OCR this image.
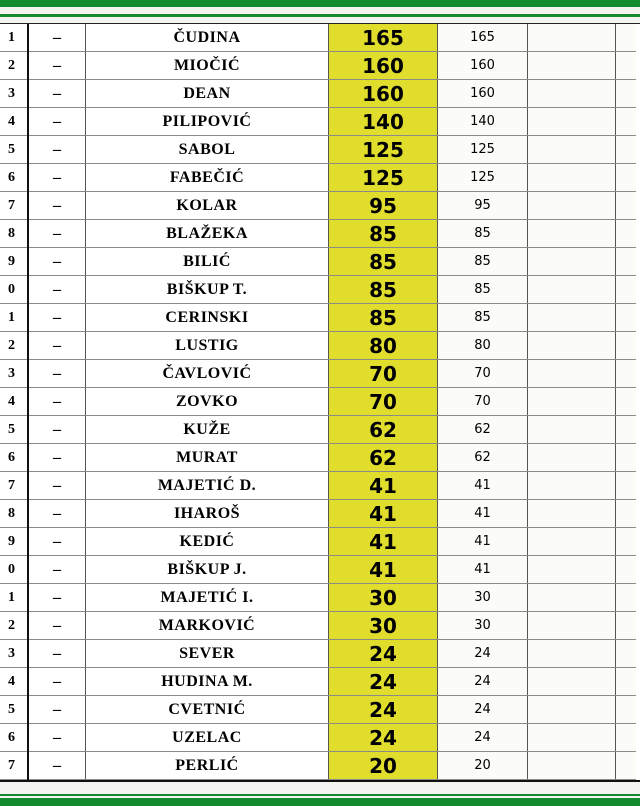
1	–	ČUDINA	165	165		
2	–	MIOČIĆ	160	160		
3	–	DEAN	160	160		
4	–	PILIPOVIĆ	140	140		
5	–	SABOL	125	125		
6	–	FABEČIĆ	125	125		
7	–	KOLAR	95	95		
8	–	BLAŽEKA	85	85		
9	–	BILIĆ	85	85		
0	–	BIŠKUP T.	85	85		
1	–	CERINSKI	85	85		
2	–	LUSTIG	80	80		
3	–	ČAVLOVIĆ	70	70		
4	–	ZOVKO	70	70		
5	–	KUŽE	62	62		
6	–	MURAT	62	62		
7	–	MAJETIĆ D.	41	41		
8	–	IHAROŠ	41	41		
9	–	KEDIĆ	41	41		
0	–	BIŠKUP J.	41	41		
1	–	MAJETIĆ I.	30	30		
2	–	MARKOVIĆ	30	30		
3	–	SEVER	24	24		
4	–	HUDINA M.	24	24		
5	–	CVETNIĆ	24	24		
6	–	UZELAC	24	24		
7	–	PERLIĆ	20	20		
